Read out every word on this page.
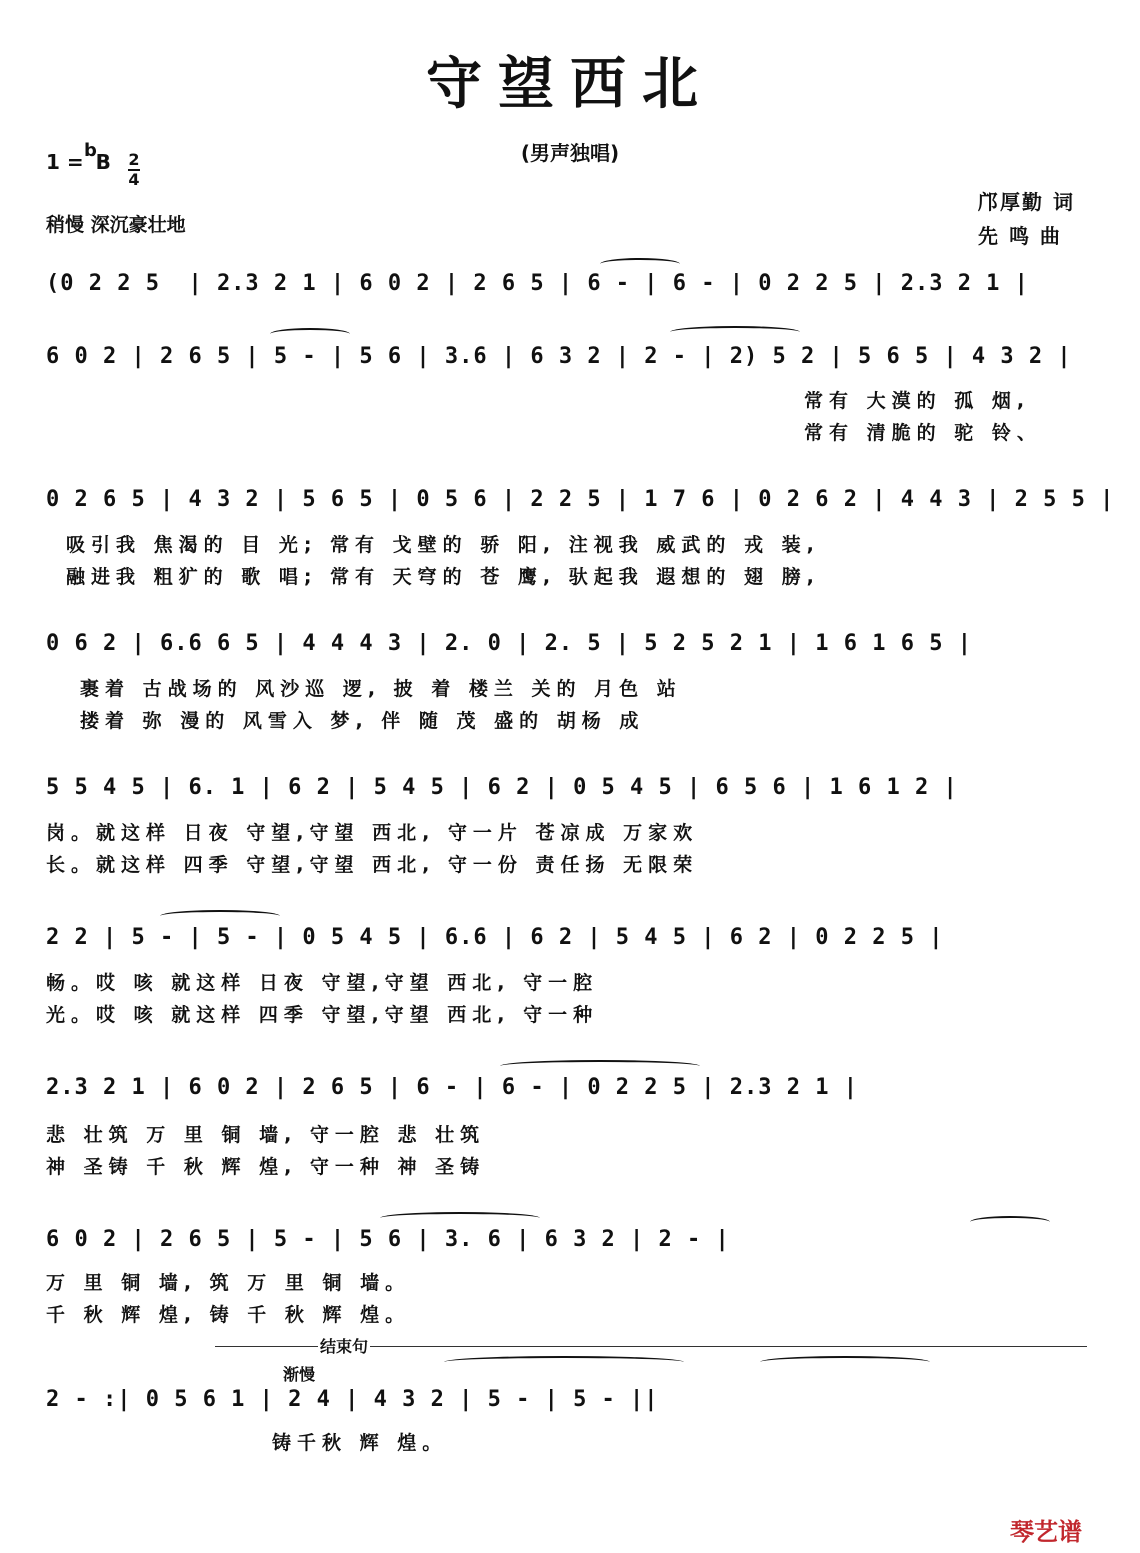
守望西北
(男声独唱)
1 = b
B 2
4
稍慢 深沉豪壮地
邝厚勤 词
先 鸣 曲
(0 2 2 5  | 2.3 2 1 | 6 0 2 | 2 6 5 | 6 - | 6 - | 0 2 2 5 | 2.3 2 1 |
6 0 2 | 2 6 5 | 5 - | 5 6 | 3.6 | 6 3 2 | 2 - | 2) 5 2 | 5 6 5 | 4 3 2 |
常有 大漠的 孤 烟,
常有 清脆的 驼 铃、
0 2 6 5 | 4 3 2 | 5 6 5 | 0 5 6 | 2 2 5 | 1 7 6 | 0 2 6 2 | 4 4 3 | 2 5 5 |
吸引我 焦渴的 目 光; 常有 戈壁的 骄 阳, 注视我 威武的 戎 装,
融进我 粗犷的 歌 唱; 常有 天穹的 苍 鹰, 驮起我 遐想的 翅 膀,
0 6 2 | 6.6 6 5 | 4 4 4 3 | 2. 0 | 2. 5 | 5 2 5 2 1 | 1 6 1 6 5 |
裹着 古战场的 风沙巡 逻, 披 着 楼兰 关的 月色 站
搂着 弥 漫的 风雪入 梦, 伴 随 茂 盛的 胡杨 成
5 5 4 5 | 6. 1 | 6 2 | 5 4 5 | 6 2 | 0 5 4 5 | 6 5 6 | 1 6 1 2 |
岗。就这样 日夜 守望,守望 西北, 守一片 苍凉成 万家欢
长。就这样 四季 守望,守望 西北, 守一份 责任扬 无限荣
2 2 | 5 - | 5 - | 0 5 4 5 | 6.6 | 6 2 | 5 4 5 | 6 2 | 0 2 2 5 |
畅。哎 咳 就这样 日夜 守望,守望 西北, 守一腔
光。哎 咳 就这样 四季 守望,守望 西北, 守一种
2.3 2 1 | 6 0 2 | 2 6 5 | 6 - | 6 - | 0 2 2 5 | 2.3 2 1 |
悲 壮筑 万 里 铜 墙, 守一腔 悲 壮筑
神 圣铸 千 秋 辉 煌, 守一种 神 圣铸
6 0 2 | 2 6 5 | 5 - | 5 6 | 3. 6 | 6 3 2 | 2 - |
万 里 铜 墙, 筑 万 里 铜 墙。
千 秋 辉 煌, 铸 千 秋 辉 煌。
结束句
渐慢
2 - :| 0 5 6 1 | 2 4 | 4 3 2 | 5 - | 5 - ||
铸千秋 辉 煌。
琴艺谱
